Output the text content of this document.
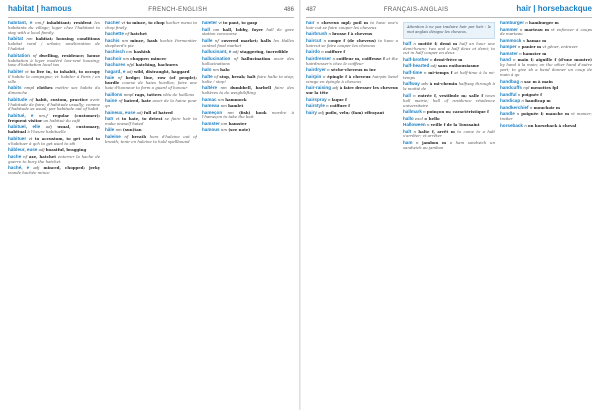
habitat | hamous	FRENCH-ENGLISH	486

habitant, e nm,f inhabitant; resident les habitants du village; loger chez l'habitant to stay with a local family

habitat nm habitat; housing conditions habitat rural / urbain; amélioration de l'habitat

habitation nf dwelling, residence; house habitation à loyer modéré low-rent housing; taxe d'habitation local tax

habiter vt to live in, to inhabit, to occupy il habite la campagne; vi: habiter à Paris / en ville

habits nmpl clothes mettre ses habits du dimanche

habitude nf habit, custom, practice avoir l'habitude de faire; d'habitude usually; comme d'habitude as usual; par habitude out of habit

habitué, e nm,f regular (customer); frequent visitor un habitué du café

habituel, elle adj usual, customary, habitual à l'heure habituelle

habituer vt to accustom, to get used to s'habituer à qch to get used to sth

hâbleur, euse adj boastful, bragging

hache nf axe, hatchet enterrer la hache de guerre to bury the hatchet

haché, e adj minced, chopped; jerky viande hachée mince

hacher vt to mince, to chop hacher menu to chop finely

hachette nf hatchet

hachis nm mince, hash hachis Parmentier shepherd's pie

hachisch nm hashish

hachoir nm chopper; mincer

hachures nfpl hatching, hachures

hagard, e adj wild, distraught, haggard

haie nf hedge; line, row (of people); hurdle course de haies hurdles; faire une haie d'honneur to form a guard of honour

haillons nmpl rags, tatters vêtu de haillons

haine nf hatred, hate avoir de la haine pour qn

haineux, euse adj full of hatred

haïr vt to hate, to detest se faire haïr to make oneself hated

hâle nm (sun)tan

haleine nf breath hors d'haleine out of breath; tenir en haleine to hold spellbound

haleter vi to pant, to gasp

hall nm hall, lobby, foyer hall de gare station concourse

halle nf covered market; halls les Halles central food market

hallucinant, e adj staggering, incredible

hallucination nf hallucination avoir des hallucinations

halo nm halo

halte nf stop, break; halt faire halte to stop; halte ! stop!

haltère nm dumbbell, barbell faire des haltères to do weightlifting

hamac nm hammock

hameau nm hamlet

hameçon nm (fish) hook mordre à l'hameçon to take the bait

hamster nm hamster

hamous nm (see note)

487	FRANÇAIS-ANGLAIS	hair | horsebackque

hair n cheveux mpl; poil m to have one's hair cut se faire couper les cheveux

hairbrush n brosse f à cheveux

haircut n coupe f (de cheveux) to have a haircut se faire couper les cheveux

hairdo n coiffure f

hairdresser n coiffeur m, coiffeuse f at the hairdresser's chez le coiffeur

hairdryer n sèche-cheveux m inv

hairpin n épingle f à cheveux hairpin bend virage en épingle à cheveux

hair-raising adj à faire dresser les cheveux sur la tête

hairspray n laque f

hairstyle n coiffure f

hairy adj poilu, velu; (fam) effrayant

Attention à ne pas traduire hair par haïr : le mot anglais désigne les cheveux.

half n moitié f; demi m half an hour une demi-heure; two and a half deux et demi; to cut in half couper en deux

half-brother n demi-frère m

half-hearted adj sans enthousiasme

half-time n mi-temps f at half-time à la mi-temps

halfway adv à mi-chemin halfway through à la moitié de

hall n entrée f, vestibule m; salle f town hall mairie; hall of residence résidence universitaire

hallmark n poinçon m; caractéristique f

hallo excl = hello

Halloween n veille f de la Toussaint

halt n halte f, arrêt m to come to a halt s'arrêter; vt arrêter

ham n jambon m a ham sandwich un sandwich au jambon

hamburger n hamburger m

hammer n marteau m vt enfoncer à coups de marteau

hammock n hamac m

hamper n panier m vt gêner, entraver

hamster n hamster m

hand n main f; aiguille f (d'une montre) by hand à la main; on the other hand d'autre part; to give sb a hand donner un coup de main à qn

handbag n sac m à main

handcuffs npl menottes fpl

handful n poignée f

handicap n handicap m

handkerchief n mouchoir m

handle n poignée f; manche m vt manier; traiter

horseback n on horseback à cheval
